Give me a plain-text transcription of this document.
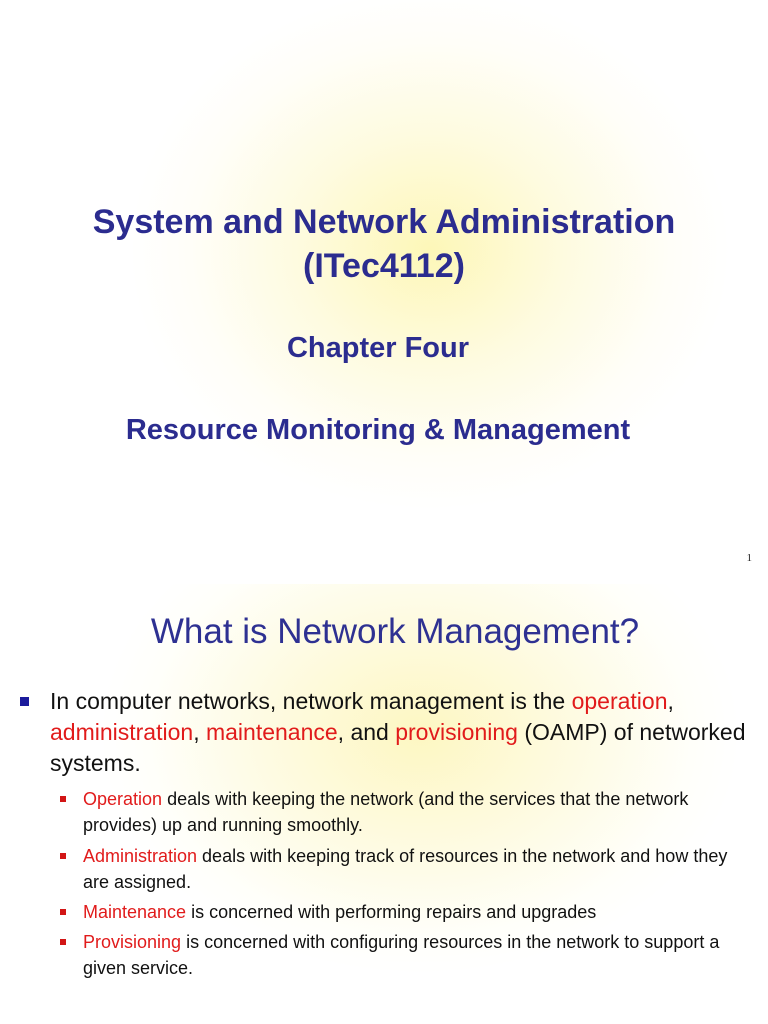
System and Network Administration
(ITec4112)
Chapter Four
Resource Monitoring & Management
1
What is Network Management?
In computer networks, network management is the operation,
administration, maintenance, and provisioning (OAMP) of networked systems.
Operation deals with keeping the network (and the services that the network provides) up and running smoothly.
Administration deals with keeping track of resources in the network and how they are assigned.
Maintenance is concerned with performing repairs and upgrades
Provisioning is concerned with configuring resources in the network to support a given service.
